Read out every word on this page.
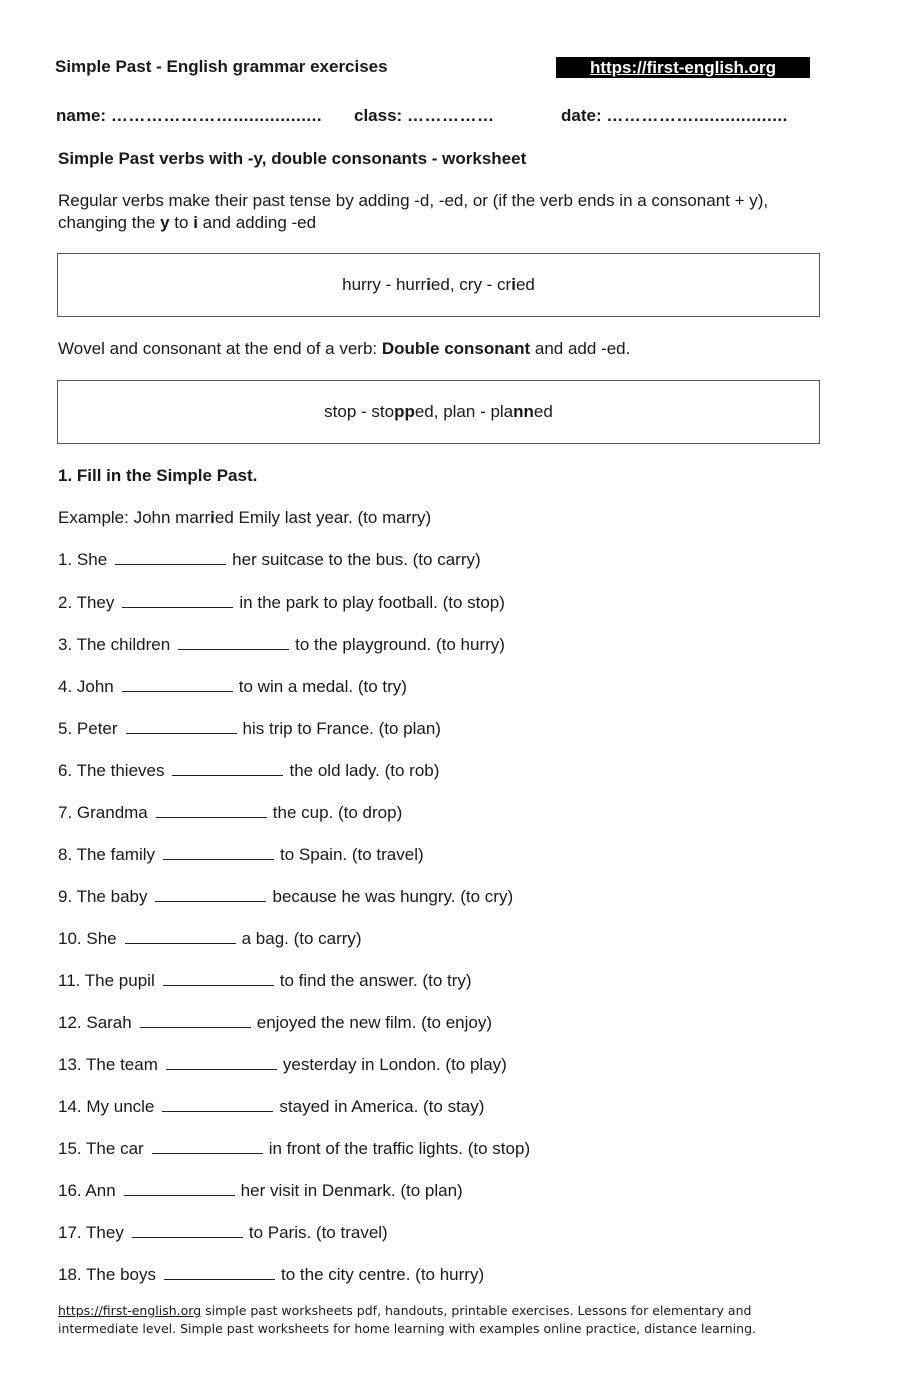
Simple Past - English grammar exercises	https://first-english.org
name: …………………................. class: ……………	date: ……………..................
Simple Past verbs with -y, double consonants - worksheet
Regular verbs make their past tense by adding -d, -ed, or (if the verb ends in a consonant + y), changing the y to i and adding -ed
hurry - hurried, cry - cried
Wovel and consonant at the end of a verb: Double consonant and add -ed.
stop - stopped, plan - planned
1. Fill in the Simple Past.
Example: John married Emily last year. (to marry)
1. She	her suitcase to the bus. (to carry)
2. They	in the park to play football. (to stop)
3. The children	to the playground. (to hurry)
4. John	to win a medal. (to try)
5. Peter	his trip to France. (to plan)
6. The thieves	the old lady. (to rob)
7. Grandma	the cup. (to drop)
8. The family	to Spain. (to travel)
9. The baby	because he was hungry. (to cry)
10. She	a bag. (to carry)
11. The pupil	to find the answer. (to try)
12. Sarah	enjoyed the new film. (to enjoy)
13. The team	yesterday in London. (to play)
14. My uncle	stayed in America. (to stay)
15. The car	in front of the traffic lights. (to stop)
16. Ann	her visit in Denmark. (to plan)
17. They	to Paris. (to travel)
18. The boys	to the city centre. (to hurry)
https://first-english.org simple past worksheets pdf, handouts, printable exercises. Lessons for elementary and intermediate level. Simple past worksheets for home learning with examples online practice, distance learning.
